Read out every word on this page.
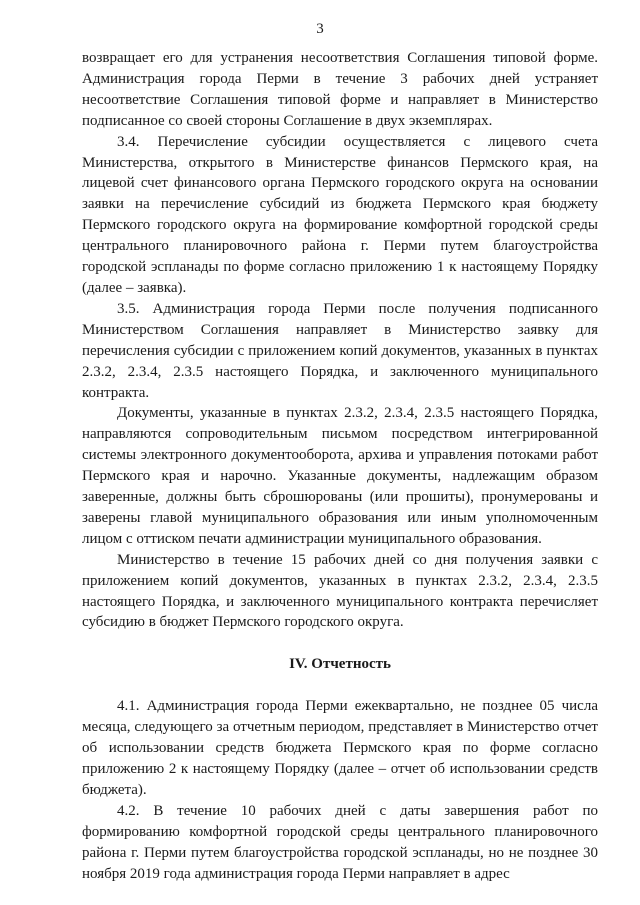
3

возвращает его для устранения несоответствия Соглашения типовой форме. Администрация города Перми в течение 3 рабочих дней устраняет несоответствие Соглашения типовой форме и направляет в Министерство подписанное со своей стороны Соглашение в двух экземплярах.

3.4. Перечисление субсидии осуществляется с лицевого счета Министерства, открытого в Министерстве финансов Пермского края, на лицевой счет финансового органа Пермского городского округа на основании заявки на перечисление субсидий из бюджета Пермского края бюджету Пермского городского округа на формирование комфортной городской среды центрального планировочного района г. Перми путем благоустройства городской эспланады по форме согласно приложению 1 к настоящему Порядку (далее – заявка).

3.5. Администрация города Перми после получения подписанного Министерством Соглашения направляет в Министерство заявку для перечисления субсидии с приложением копий документов, указанных в пунктах 2.3.2, 2.3.4, 2.3.5 настоящего Порядка, и заключенного муниципального контракта.

Документы, указанные в пунктах 2.3.2, 2.3.4, 2.3.5 настоящего Порядка, направляются сопроводительным письмом посредством интегрированной системы электронного документооборота, архива и управления потоками работ Пермского края и нарочно. Указанные документы, надлежащим образом заверенные, должны быть сброшюрованы (или прошиты), пронумерованы и заверены главой муниципального образования или иным уполномоченным лицом с оттиском печати администрации муниципального образования.

Министерство в течение 15 рабочих дней со дня получения заявки с приложением копий документов, указанных в пунктах 2.3.2, 2.3.4, 2.3.5 настоящего Порядка, и заключенного муниципального контракта перечисляет субсидию в бюджет Пермского городского округа.

IV. Отчетность

4.1. Администрация города Перми ежеквартально, не позднее 05 числа месяца, следующего за отчетным периодом, представляет в Министерство отчет об использовании средств бюджета Пермского края по форме согласно приложению 2 к настоящему Порядку (далее – отчет об использовании средств бюджета).

4.2. В течение 10 рабочих дней с даты завершения работ по формированию комфортной городской среды центрального планировочного района г. Перми путем благоустройства городской эспланады, но не позднее 30 ноября 2019 года администрация города Перми направляет в адрес
